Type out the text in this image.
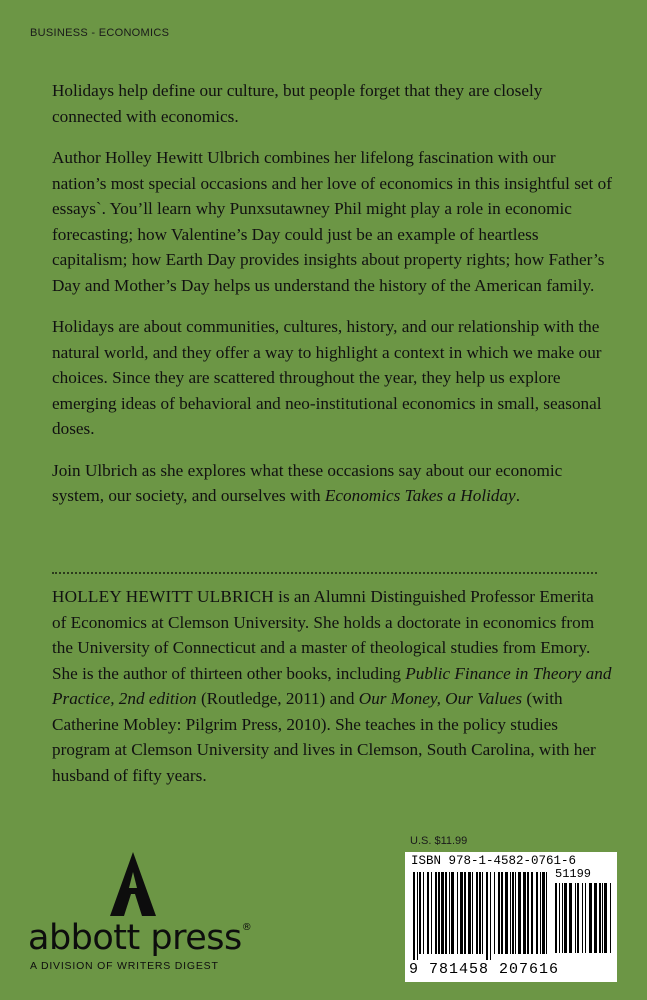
BUSINESS - ECONOMICS

Holidays help define our culture, but people forget that they are closely connected with economics.

Author Holley Hewitt Ulbrich combines her lifelong fascination with our nation’s most special occasions and her love of economics in this insightful set of essays`. You’ll learn why Punxsutawney Phil might play a role in economic forecasting; how Valentine’s Day could just be an example of heartless capitalism; how Earth Day provides insights about property rights; how Father’s Day and Mother’s Day helps us understand the history of the American family.

Holidays are about communities, cultures, history, and our relationship with the natural world, and they offer a way to highlight a context in which we make our choices. Since they are scattered throughout the year, they help us explore emerging ideas of behavioral and neo-institutional economics in small, seasonal doses.

Join Ulbrich as she explores what these occasions say about our economic system, our society, and ourselves with Economics Takes a Holiday.

HOLLEY HEWITT ULBRICH is an Alumni Distinguished Professor Emerita of Economics at Clemson University. She holds a doctorate in economics from the University of Connecticut and a master of theological studies from Emory. She is the author of thirteen other books, including Public Finance in Theory and Practice, 2nd edition (Routledge, 2011) and Our Money, Our Values (with Catherine Mobley: Pilgrim Press, 2010). She teaches in the policy studies program at Clemson University and lives in Clemson, South Carolina, with her husband of fifty years.

U.S. $11.99
ISBN 978-1-4582-0761-6
51199
9 781458 207616
abbott press®
A DIVISION OF WRITERS DIGEST
